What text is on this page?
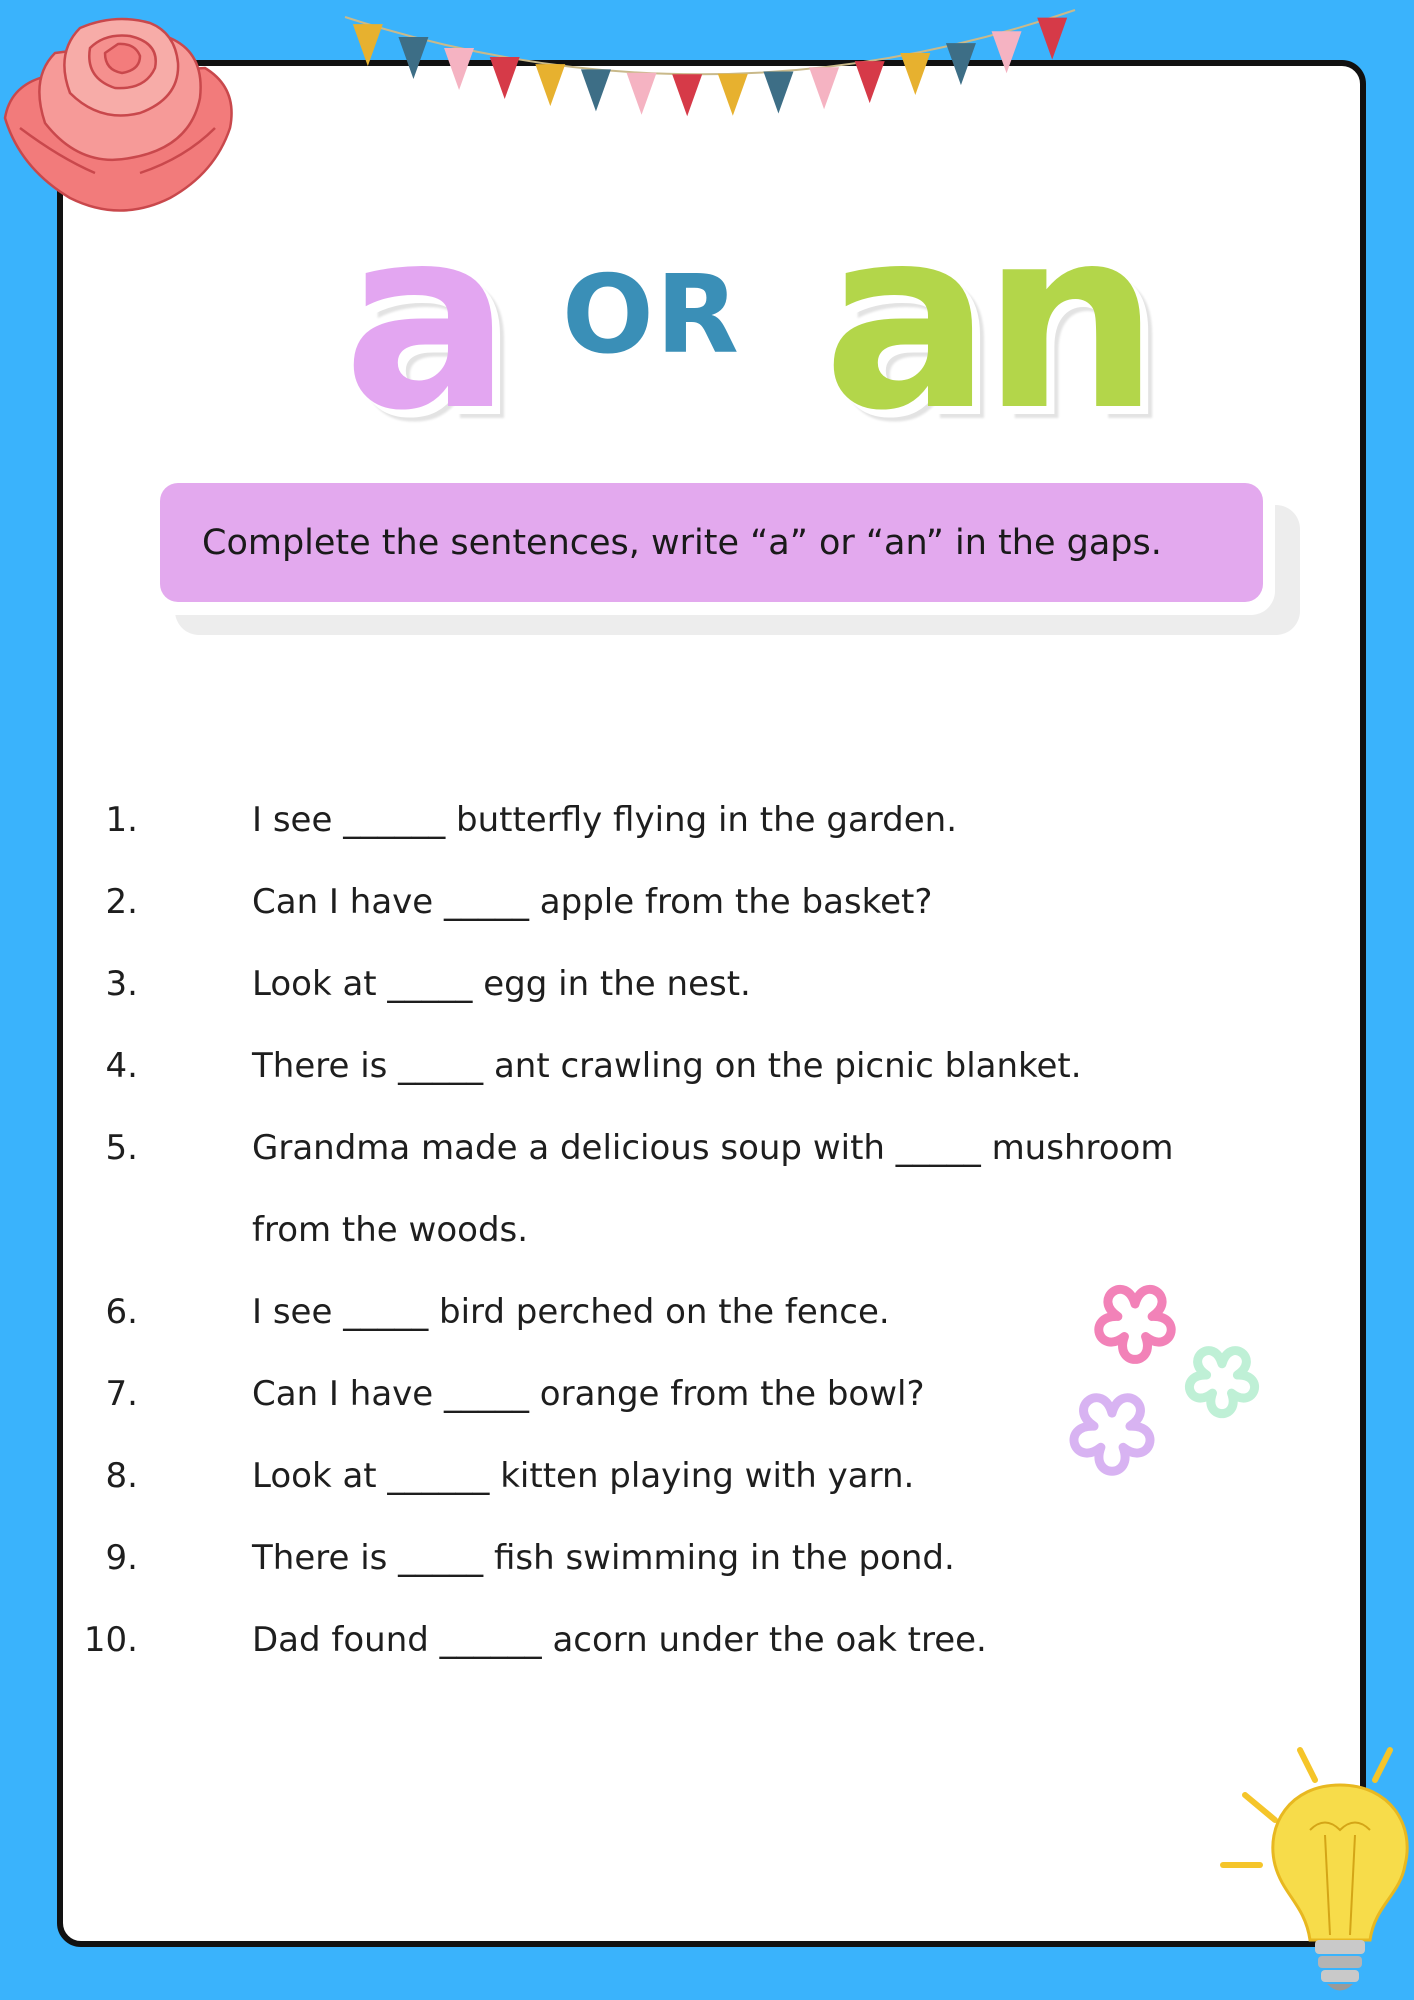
a OR an
Complete the sentences, write “a” or “an” in the gaps.
1.	I see ______ butterfly flying in the garden.
2.	Can I have _____ apple from the basket?
3.	Look at _____ egg in the nest.
4.	There is _____ ant crawling on the picnic blanket.
5.	Grandma made a delicious soup with _____ mushroom
from the woods.
6.	I see _____ bird perched on the fence.
7.	Can I have _____ orange from the bowl?
8.	Look at ______ kitten playing with yarn.
9.	There is _____ fish swimming in the pond.
10.	Dad found ______ acorn under the oak tree.
